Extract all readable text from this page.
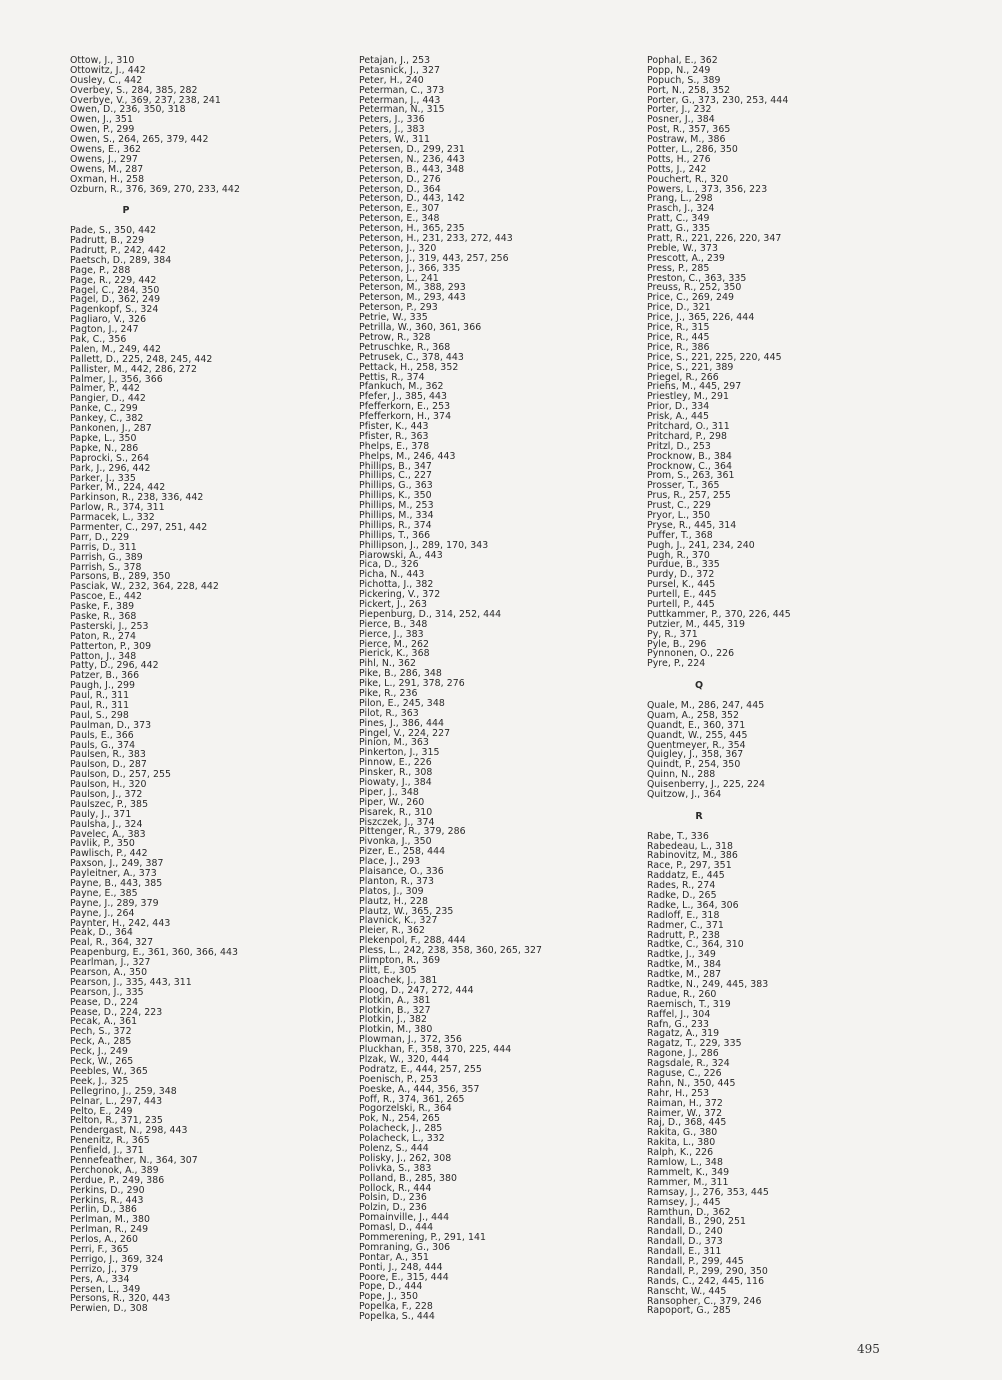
Ottow, J., 310
Ottowitz, J., 442
Ousley, C., 442
Overbey, S., 284, 385, 282
Overbye, V., 369, 237, 238, 241
Owen, D., 236, 350, 318
Owen, J., 351
Owen, P., 299
Owen, S., 264, 265, 379, 442
Owens, E., 362
Owens, J., 297
Owens, M., 287
Oxman, H., 258
Ozburn, R., 376, 369, 270, 233, 442
P
Pade, S., 350, 442
Padrutt, B., 229
Padrutt, P., 242, 442
Paetsch, D., 289, 384
Page, P., 288
Page, R., 229, 442
Pagel, C., 284, 350
Pagel, D., 362, 249
Pagenkopf, S., 324
Pagliaro, V., 326
Pagton, J., 247
Pak, C., 356
Palen, M., 249, 442
Pallett, D., 225, 248, 245, 442
Pallister, M., 442, 286, 272
Palmer, J., 356, 366
Palmer, P., 442
Pangier, D., 442
Panke, C., 299
Pankey, C., 382
Pankonen, J., 287
Papke, L., 350
Papke, N., 286
Paprocki, S., 264
Park, J., 296, 442
Parker, J., 335
Parker, M., 224, 442
Parkinson, R., 238, 336, 442
Parlow, R., 374, 311
Parmacek, L., 332
Parmenter, C., 297, 251, 442
Parr, D., 229
Parris, D., 311
Parrish, G., 389
Parrish, S., 378
Parsons, B., 289, 350
Pasciak, W., 232, 364, 228, 442
Pascoe, E., 442
Paske, F., 389
Paske, R., 368
Pasterski, J., 253
Paton, R., 274
Patterton, P., 309
Patton, J., 348
Patty, D., 296, 442
Patzer, B., 366
Paugh, J., 299
Paul, R., 311
Paul, R., 311
Paul, S., 298
Paulman, D., 373
Pauls, E., 366
Pauls, G., 374
Paulsen, R., 383
Paulson, D., 287
Paulson, D., 257, 255
Paulson, H., 320
Paulson, J., 372
Paulszec, P., 385
Pauly, J., 371
Paulsha, J., 324
Pavelec, A., 383
Pavlik, P., 350
Pawlisch, P., 442
Paxson, J., 249, 387
Payleitner, A., 373
Payne, B., 443, 385
Payne, E., 385
Payne, J., 289, 379
Payne, J., 264
Paynter, H., 242, 443
Peak, D., 364
Peal, R., 364, 327
Peapenburg, E., 361, 360, 366, 443
Pearlman, J., 327
Pearson, A., 350
Pearson, J., 335, 443, 311
Pearson, J., 335
Pease, D., 224
Pease, D., 224, 223
Pecak, A., 361
Pech, S., 372
Peck, A., 285
Peck, J., 249
Peck, W., 265
Peebles, W., 365
Peek, J., 325
Pellegrino, J., 259, 348
Pelnar, L., 297, 443
Pelto, E., 249
Pelton, R., 371, 235
Pendergast, N., 298, 443
Penenitz, R., 365
Penfield, J., 371
Pennefeather, N., 364, 307
Perchonok, A., 389
Perdue, P., 249, 386
Perkins, D., 290
Perkins, R., 443
Perlin, D., 386
Perlman, M., 380
Perlman, R., 249
Perlos, A., 260
Perri, F., 365
Perrigo, J., 369, 324
Perrizo, J., 379
Pers, A., 334
Persen, L., 349
Persons, R., 320, 443
Perwien, D., 308
Petajan, J., 253
Petasnick, J., 327
Peter, H., 240
Peterman, C., 373
Peterman, J., 443
Peterman, N., 315
Peters, J., 336
Peters, J., 383
Peters, W., 311
Petersen, D., 299, 231
Petersen, N., 236, 443
Peterson, B., 443, 348
Peterson, D., 276
Peterson, D., 364
Peterson, D., 443, 142
Peterson, E., 307
Peterson, E., 348
Peterson, H., 365, 235
Peterson, H., 231, 233, 272, 443
Peterson, J., 320
Peterson, J., 319, 443, 257, 256
Peterson, J., 366, 335
Peterson, L., 241
Peterson, M., 388, 293
Peterson, M., 293, 443
Peterson, P., 293
Petrie, W., 335
Petrilla, W., 360, 361, 366
Petrow, R., 328
Petruschke, R., 368
Petrusek, C., 378, 443
Pettack, H., 258, 352
Pettis, R., 374
Pfankuch, M., 362
Pfefer, J., 385, 443
Pfefferkorn, E., 253
Pfefferkorn, H., 374
Pfister, K., 443
Pfister, R., 363
Phelps, E., 378
Phelps, M., 246, 443
Phillips, B., 347
Phillips, C., 227
Phillips, G., 363
Phillips, K., 350
Phillips, M., 253
Phillips, M., 334
Phillips, R., 374
Phillips, T., 366
Phillipson, J., 289, 170, 343
Piarowski, A., 443
Pica, D., 326
Picha, N., 443
Pichotta, J., 382
Pickering, V., 372
Pickert, J., 263
Piepenburg, D., 314, 252, 444
Pierce, B., 348
Pierce, J., 383
Pierce, M., 262
Pierick, K., 368
Pihl, N., 362
Pike, B., 286, 348
Pike, L., 291, 378, 276
Pike, R., 236
Pilon, E., 245, 348
Pilot, R., 363
Pines, J., 386, 444
Pingel, V., 224, 227
Pinion, M., 363
Pinkerton, J., 315
Pinnow, E., 226
Pinsker, R., 308
Piowaty, J., 384
Piper, J., 348
Piper, W., 260
Pisarek, R., 310
Piszczek, J., 374
Pittenger, R., 379, 286
Pivonka, J., 350
Pizer, E., 258, 444
Place, J., 293
Plaisance, O., 336
Planton, R., 373
Platos, J., 309
Plautz, H., 228
Plautz, W., 365, 235
Plavnick, K., 327
Pleier, R., 362
Plekenpol, F., 288, 444
Pless, L., 242, 238, 358, 360, 265, 327
Plimpton, R., 369
Plitt, E., 305
Ploachek, J., 381
Ploog, D., 247, 272, 444
Plotkin, A., 381
Plotkin, B., 327
Plotkin, J., 382
Plotkin, M., 380
Plowman, J., 372, 356
Pluckhan, F., 358, 370, 225, 444
Plzak, W., 320, 444
Podratz, E., 444, 257, 255
Poenisch, P., 253
Poeske, A., 444, 356, 357
Poff, R., 374, 361, 265
Pogorzelski, R., 364
Pok, N., 254, 265
Polacheck, J., 285
Polacheck, L., 332
Polenz, S., 444
Polisky, J., 262, 308
Polivka, S., 383
Polland, B., 285, 380
Pollock, R., 444
Polsin, D., 236
Polzin, D., 236
Pomainville, J., 444
Pomasl, D., 444
Pommerening, P., 291, 141
Pomraning, G., 306
Pontar, A., 351
Ponti, J., 248, 444
Poore, E., 315, 444
Pope, D., 444
Pope, J., 350
Popelka, F., 228
Popelka, S., 444
Pophal, E., 362
Popp, N., 249
Popuch, S., 389
Port, N., 258, 352
Porter, G., 373, 230, 253, 444
Porter, J., 232
Posner, J., 384
Post, R., 357, 365
Postraw, M., 386
Potter, L., 286, 350
Potts, H., 276
Potts, J., 242
Pouchert, R., 320
Powers, L., 373, 356, 223
Prang, L., 298
Prasch, J., 324
Pratt, C., 349
Pratt, G., 335
Pratt, R., 221, 226, 220, 347
Preble, W., 373
Prescott, A., 239
Press, P., 285
Preston, C., 363, 335
Preuss, R., 252, 350
Price, C., 269, 249
Price, D., 321
Price, J., 365, 226, 444
Price, R., 315
Price, R., 445
Price, R., 386
Price, S., 221, 225, 220, 445
Price, S., 221, 389
Priegel, R., 266
Priehs, M., 445, 297
Priestley, M., 291
Prior, D., 334
Prisk, A., 445
Pritchard, O., 311
Pritchard, P., 298
Pritzl, D., 253
Procknow, B., 384
Procknow, C., 364
Prom, S., 263, 361
Prosser, T., 365
Prus, R., 257, 255
Prust, C., 229
Pryor, L., 350
Pryse, R., 445, 314
Puffer, T., 368
Pugh, J., 241, 234, 240
Pugh, R., 370
Purdue, B., 335
Purdy, D., 372
Pursel, K., 445
Purtell, E., 445
Purtell, P., 445
Puttkammer, P., 370, 226, 445
Putzier, M., 445, 319
Py, R., 371
Pyle, B., 296
Pynnonen, O., 226
Pyre, P., 224
Q
Quale, M., 286, 247, 445
Quam, A., 258, 352
Quandt, E., 360, 371
Quandt, W., 255, 445
Quentmeyer, R., 354
Quigley, J., 358, 367
Quindt, P., 254, 350
Quinn, N., 288
Quisenberry, J., 225, 224
Quitzow, J., 364
R
Rabe, T., 336
Rabedeau, L., 318
Rabinovitz, M., 386
Race, P., 297, 351
Raddatz, E., 445
Rades, R., 274
Radke, D., 265
Radke, L., 364, 306
Radloff, E., 318
Radmer, C., 371
Radrutt, P., 238
Radtke, C., 364, 310
Radtke, J., 349
Radtke, M., 384
Radtke, M., 287
Radtke, N., 249, 445, 383
Radue, R., 260
Raemisch, T., 319
Raffel, J., 304
Rafn, G., 233
Ragatz, A., 319
Ragatz, T., 229, 335
Ragone, J., 286
Ragsdale, R., 324
Raguse, C., 226
Rahn, N., 350, 445
Rahr, H., 253
Raiman, H., 372
Raimer, W., 372
Raj, D., 368, 445
Rakita, G., 380
Rakita, L., 380
Ralph, K., 226
Ramlow, L., 348
Rammelt, K., 349
Rammer, M., 311
Ramsay, J., 276, 353, 445
Ramsey, J., 445
Ramthun, D., 362
Randall, B., 290, 251
Randall, D., 240
Randall, D., 373
Randall, E., 311
Randall, P., 299, 445
Randall, P., 299, 290, 350
Rands, C., 242, 445, 116
Ranscht, W., 445
Ransopher, C., 379, 246
Rapoport, G., 285
495
